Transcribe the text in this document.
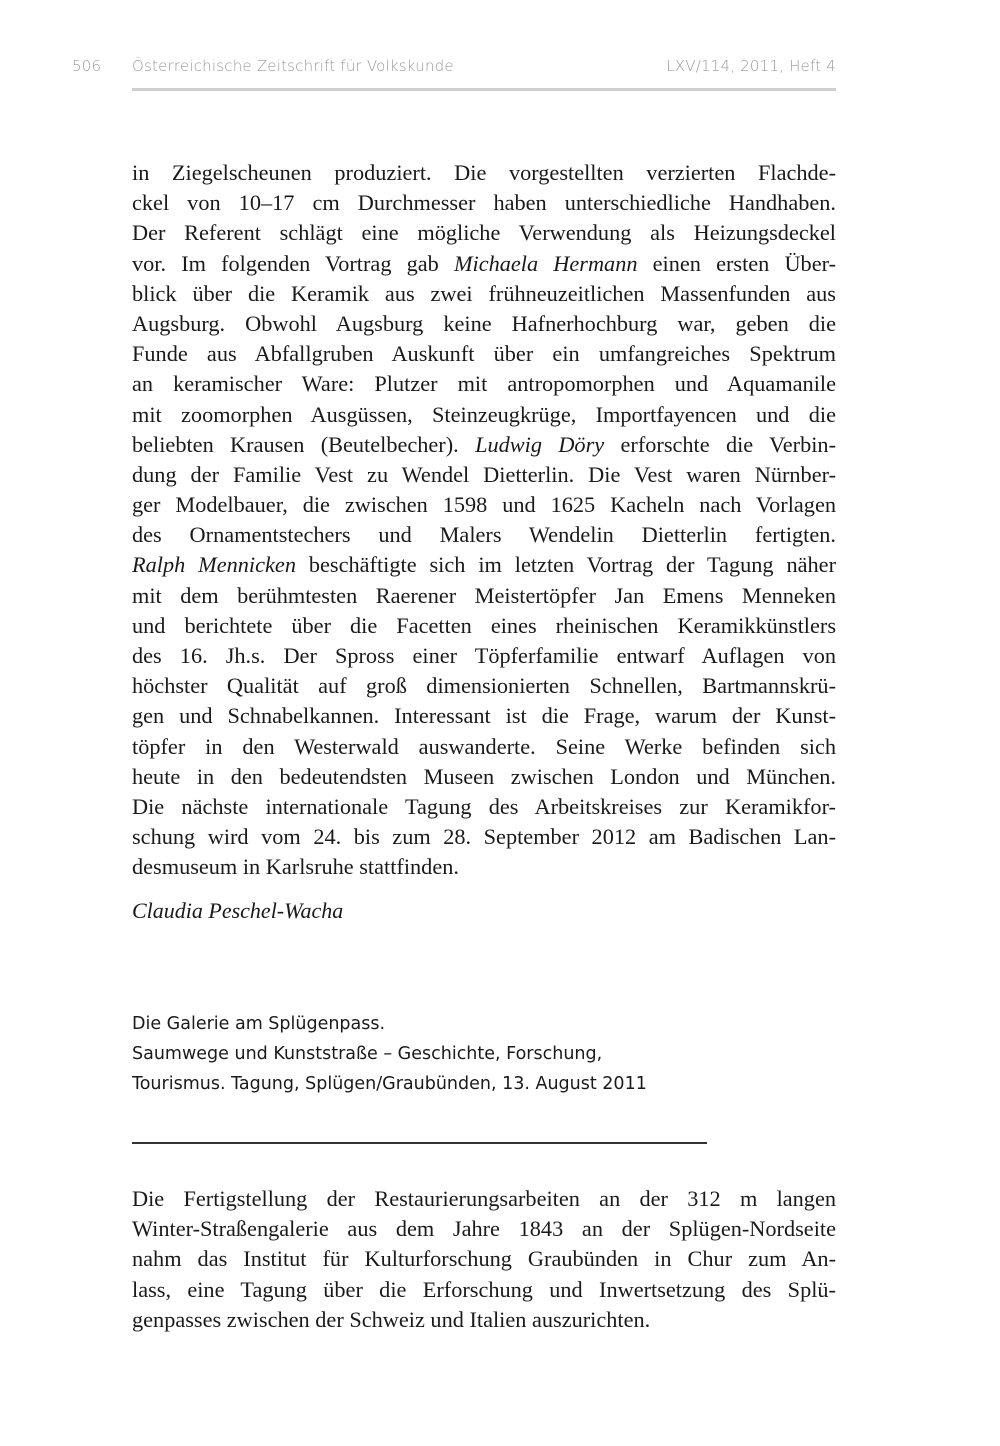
506 Österreichische Zeitschrift für Volkskunde	LXV/114, 2011, Heft 4
in Ziegelscheunen produziert. Die vorgestellten verzierten Flachde-
ckel von 10–17 cm Durchmesser haben unterschiedliche Handhaben.
Der Referent schlägt eine mögliche Verwendung als Heizungsdeckel
vor. Im folgenden Vortrag gab Michaela Hermann einen ersten Über-
blick über die Keramik aus zwei frühneuzeitlichen Massenfunden aus
Augsburg. Obwohl Augsburg keine Hafnerhochburg war, geben die
Funde aus Abfallgruben Auskunft über ein umfangreiches Spektrum
an keramischer Ware: Plutzer mit antropomorphen und Aquamanile
mit zoomorphen Ausgüssen, Steinzeugkrüge, Importfayencen und die
beliebten Krausen (Beutelbecher). Ludwig Döry erforschte die Verbin-
dung der Familie Vest zu Wendel Dietterlin. Die Vest waren Nürnber-
ger Modelbauer, die zwischen 1598 und 1625 Kacheln nach Vorlagen
des Ornamentstechers und Malers Wendelin Dietterlin fertigten.
Ralph Mennicken beschäftigte sich im letzten Vortrag der Tagung näher
mit dem berühmtesten Raerener Meistertöpfer Jan Emens Menneken
und berichtete über die Facetten eines rheinischen Keramikkünstlers
des 16. Jh.s. Der Spross einer Töpferfamilie entwarf Auflagen von
höchster Qualität auf groß dimensionierten Schnellen, Bartmannskrü-
gen und Schnabelkannen. Interessant ist die Frage, warum der Kunst-
töpfer in den Westerwald auswanderte. Seine Werke befinden sich
heute in den bedeutendsten Museen zwischen London und München.
Die nächste internationale Tagung des Arbeitskreises zur Keramikfor-
schung wird vom 24. bis zum 28. September 2012 am Badischen Lan-
desmuseum in Karlsruhe stattfinden.
Claudia Peschel-Wacha
Die Galerie am Splügenpass.
Saumwege und Kunststraße – Geschichte, Forschung,
Tourismus. Tagung, Splügen/Graubünden, 13. August 2011
Die Fertigstellung der Restaurierungsarbeiten an der 312 m langen
Winter-Straßengalerie aus dem Jahre 1843 an der Splügen-Nordseite
nahm das Institut für Kulturforschung Graubünden in Chur zum An-
lass, eine Tagung über die Erforschung und Inwertsetzung des Splü-
genpasses zwischen der Schweiz und Italien auszurichten.
